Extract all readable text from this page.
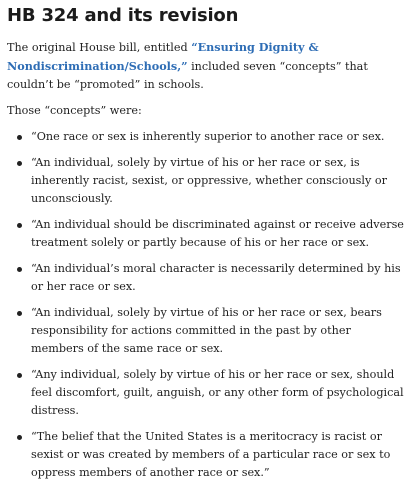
HB 324 and its revision

The original House bill, entitled “Ensuring Dignity & Nondiscrimination/Schools,” included seven “concepts” that couldn’t be “promoted” in schools.

Those “concepts” were:

“One race or sex is inherently superior to another race or sex.
“An individual, solely by virtue of his or her race or sex, is inherently racist, sexist, or oppressive, whether consciously or unconsciously.
“An individual should be discriminated against or receive adverse treatment solely or partly because of his or her race or sex.
“An individual’s moral character is necessarily determined by his or her race or sex.
“An individual, solely by virtue of his or her race or sex, bears responsibility for actions committed in the past by other members of the same race or sex.
“Any individual, solely by virtue of his or her race or sex, should feel discomfort, guilt, anguish, or any other form of psychological distress.
“The belief that the United States is a meritocracy is racist or sexist or was created by members of a particular race or sex to oppress members of another race or sex.”
